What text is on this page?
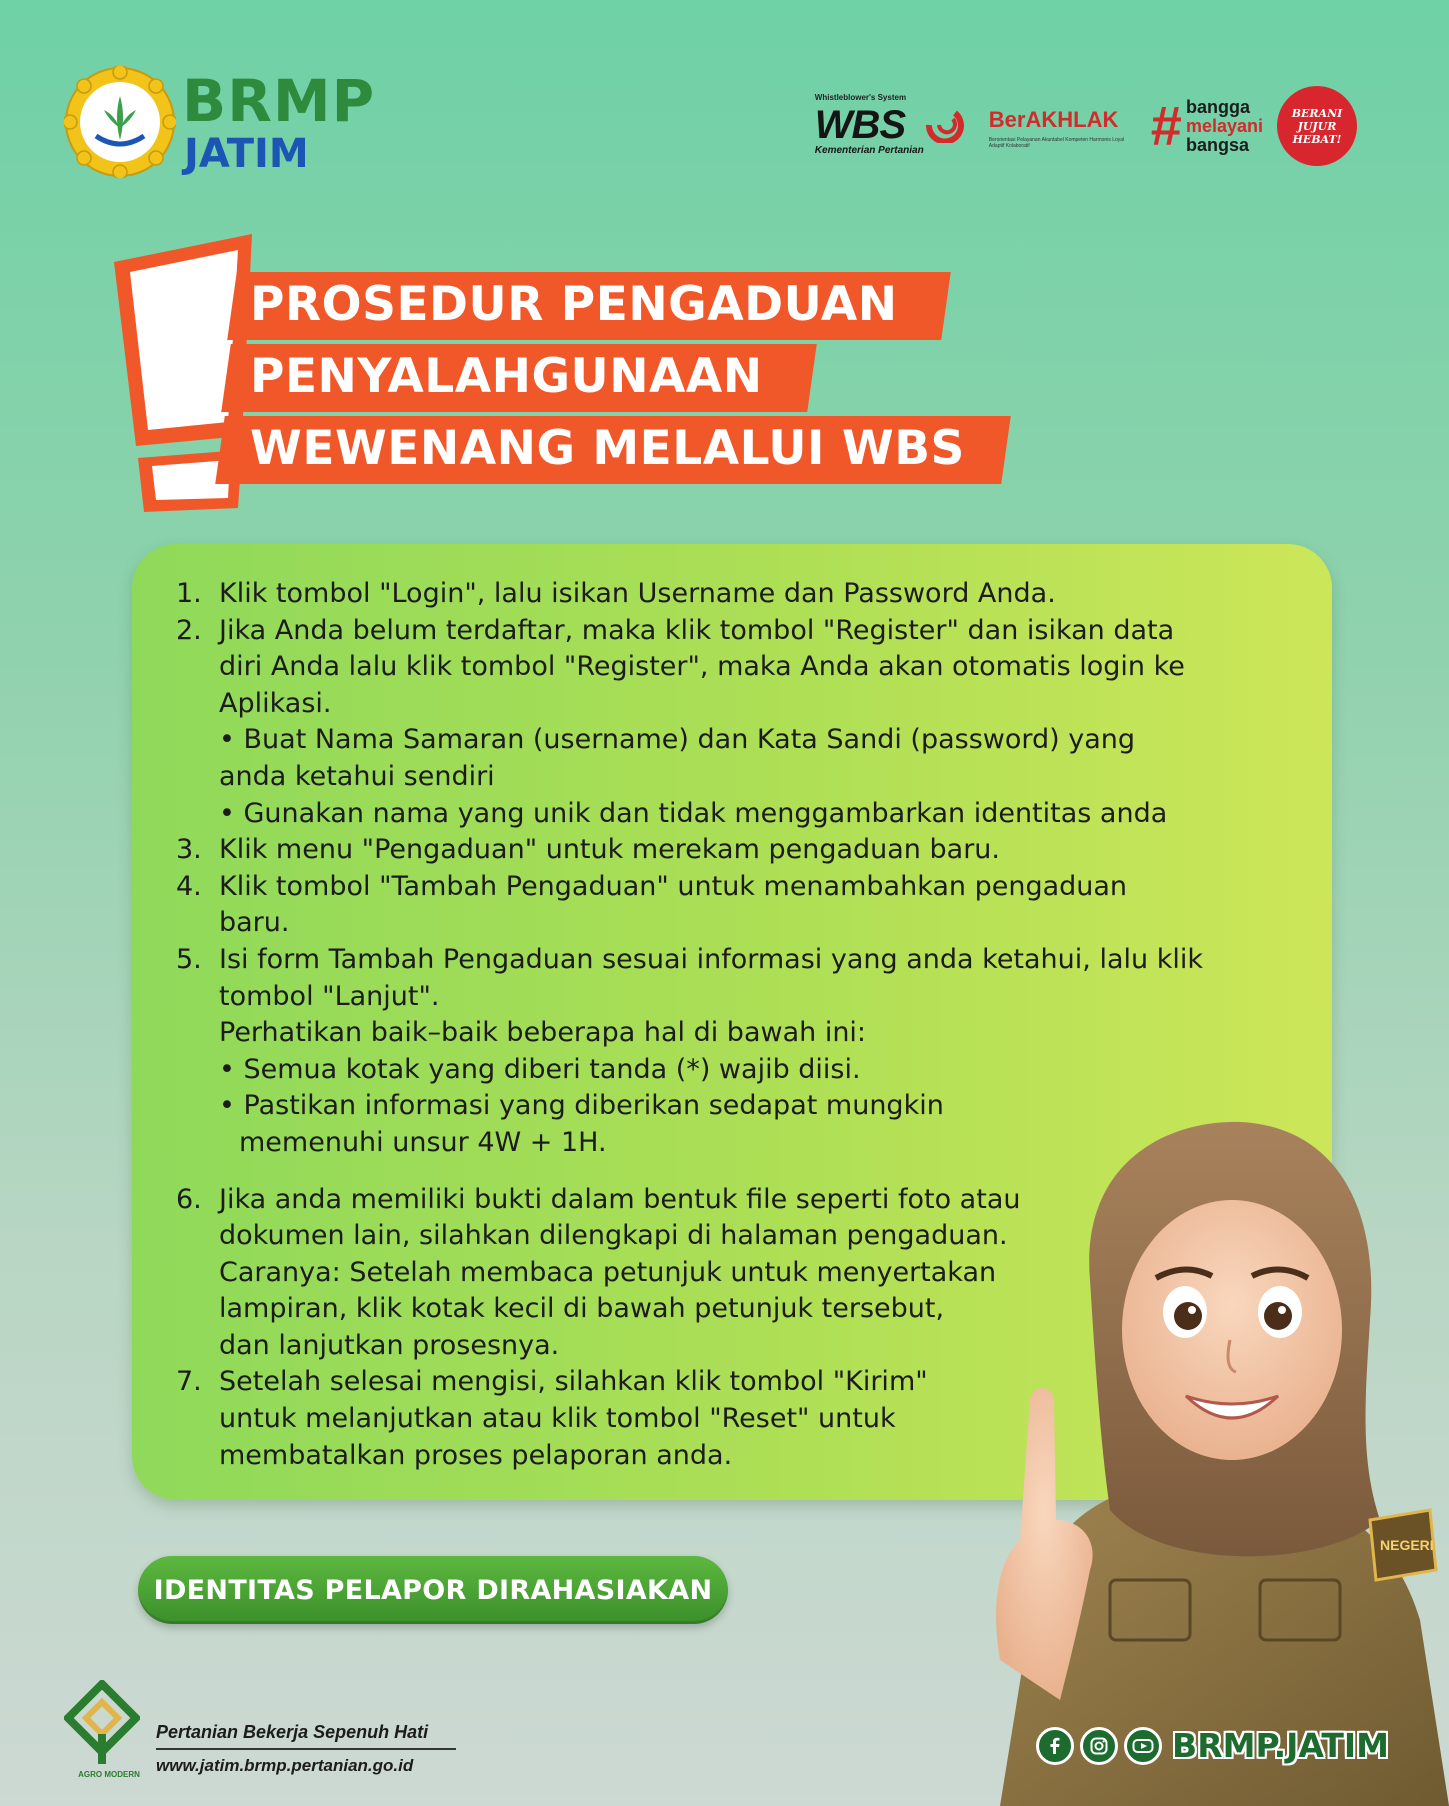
BRMP
JATIM
Whistleblower's System
WBS
Kementerian Pertanian
BerAKHLAK
Berorientasi Pelayanan Akuntabel Kompeten Harmonis Loyal Adaptif Kolaboratif	# bangga
melayani
bangsa
BERANI JUJUR HEBAT!
PROSEDUR PENGADUAN
PENYALAHGUNAAN
WEWENANG MELALUI WBS
1. Klik tombol "Login", lalu isikan Username dan Password Anda.
2. Jika Anda belum terdaftar, maka klik tombol "Register" dan isikan data
diri Anda lalu klik tombol "Register", maka Anda akan otomatis login ke
Aplikasi.
• Buat Nama Samaran (username) dan Kata Sandi (password) yang
anda ketahui sendiri
• Gunakan nama yang unik dan tidak menggambarkan identitas anda
3. Klik menu "Pengaduan" untuk merekam pengaduan baru.
4. Klik tombol "Tambah Pengaduan" untuk menambahkan pengaduan
baru.
5. Isi form Tambah Pengaduan sesuai informasi yang anda ketahui, lalu klik
tombol "Lanjut".
Perhatikan baik–baik beberapa hal di bawah ini:
• Semua kotak yang diberi tanda (*) wajib diisi.
• Pastikan informasi yang diberikan sedapat mungkin
memenuhi unsur 4W + 1H.
6. Jika anda memiliki bukti dalam bentuk file seperti foto atau
dokumen lain, silahkan dilengkapi di halaman pengaduan.
Caranya: Setelah membaca petunjuk untuk menyertakan
lampiran, klik kotak kecil di bawah petunjuk tersebut,
dan lanjutkan prosesnya.
7. Setelah selesai mengisi, silahkan klik tombol "Kirim"
untuk melanjutkan atau klik tombol "Reset" untuk
membatalkan proses pelaporan anda.
NEGERI
IDENTITAS PELAPOR DIRAHASIAKAN
AGRO MODERN
Pertanian Bekerja Sepenuh Hati
www.jatim.brmp.pertanian.go.id
BRMP.JATIM
